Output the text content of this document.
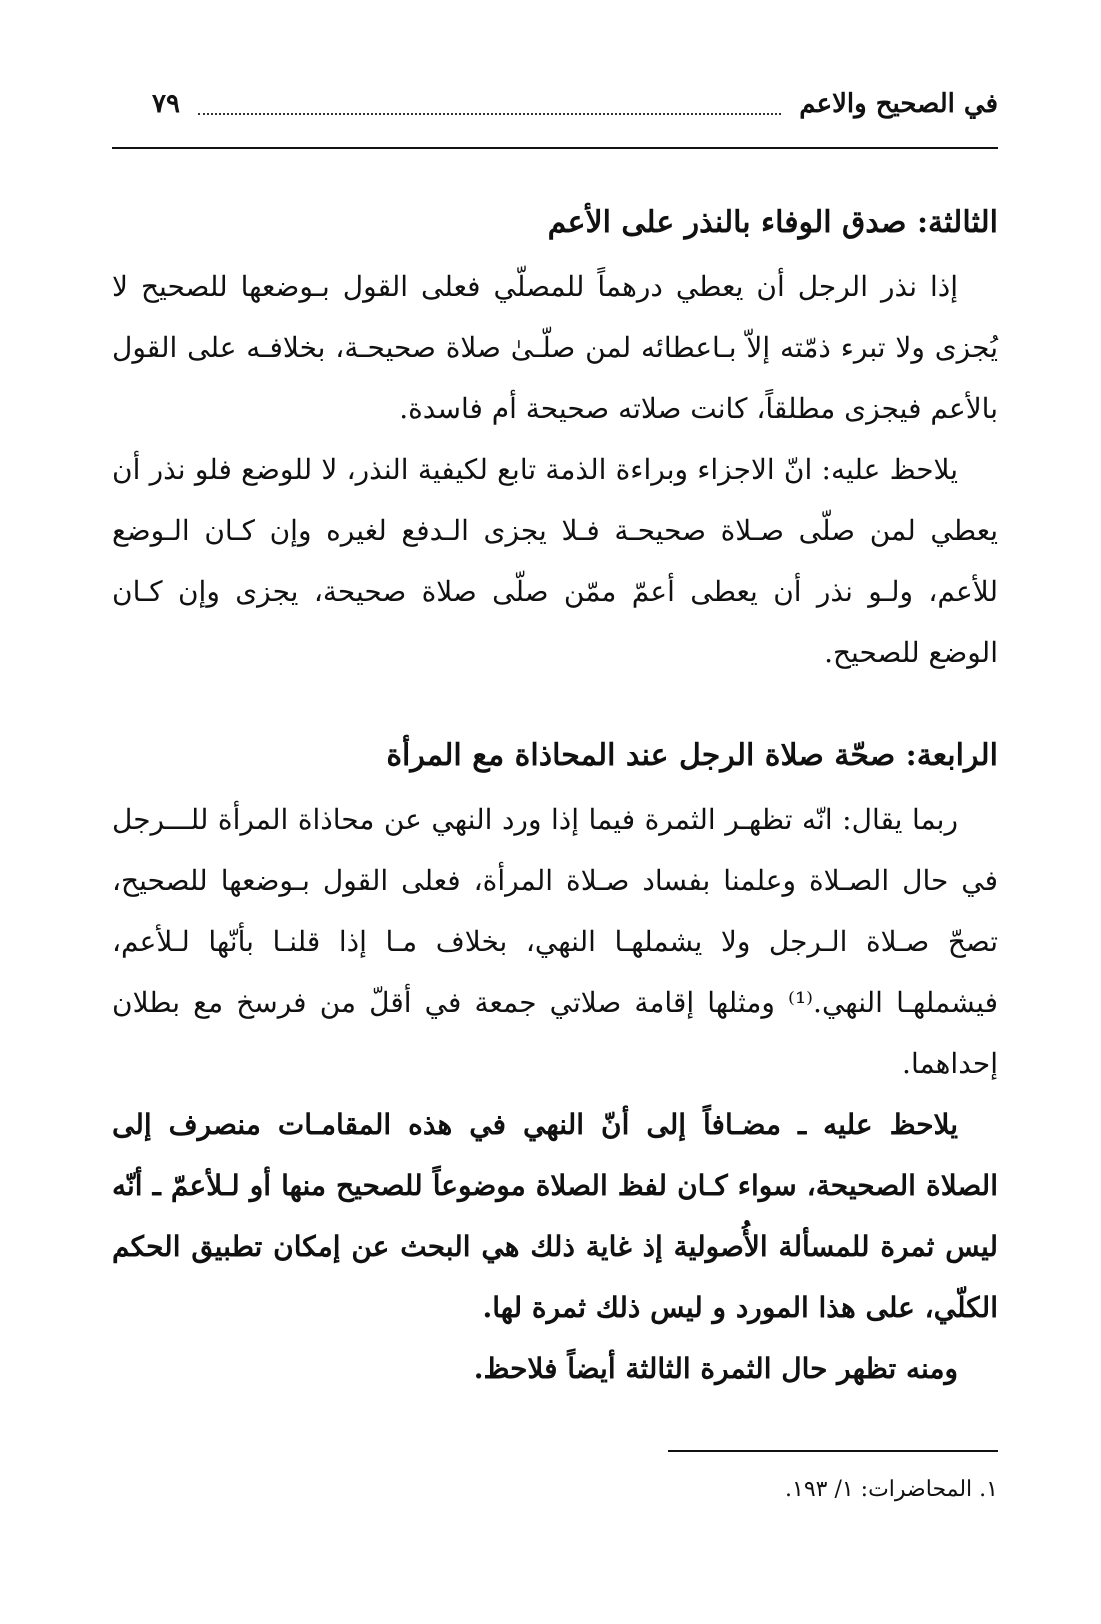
في الصحيح والاعم
٧٩
الثالثة: صدق الوفاء بالنذر على الأعم

إذا نذر الرجل أن يعطي درهماً للمصلّي فعلى القول بـوضعها للصحيح لا يُجزى ولا تبرء ذمّته إلاّ بـاعطائه لمن صلّـىٰ صلاة صحيحـة، بخلافـه على القول بالأعم فيجزى مطلقاً، كانت صلاته صحيحة أم فاسدة.

يلاحظ عليه: انّ الاجزاء وبراءة الذمة تابع لكيفية النذر، لا للوضع فلو نذر أن يعطي لمن صلّى صـلاة صحيحـة فـلا يجزى الـدفع لغيره وإن كـان الـوضع للأعم، ولـو نذر أن يعطى أعمّ ممّن صلّى صلاة صحيحة، يجزى وإن كـان الوضع للصحيح.

الرابعة: صحّة صلاة الرجل عند المحاذاة مع المرأة

ربما يقال: انّه تظهـر الثمرة فيما إذا ورد النهي عن محاذاة المرأة للـــرجل في حال الصـلاة وعلمنا بفساد صـلاة المرأة، فعلى القول بـوضعها للصحيح، تصحّ صـلاة الـرجل ولا يشملهـا النهي، بخلاف مـا إذا قلنـا بأنّها لـلأعم، فيشملهـا النهي.⁽¹⁾ ومثلها إقامة صلاتي جمعة في أقلّ من فرسخ مع بطلان إحداهما.

يلاحظ عليه ـ مضـافاً إلى أنّ النهي في هذه المقامـات منصرف إلى الصلاة الصحيحة، سواء كـان لفظ الصلاة موضوعاً للصحيح منها أو لـلأعمّ ـ أنّه ليس ثمرة للمسألة الأُصولية إذ غاية ذلك هي البحث عن إمكان تطبيق الحكم الكلّي، على هذا المورد و ليس ذلك ثمرة لها.

ومنه تظهر حال الثمرة الثالثة أيضاً فلاحظ.

١. المحاضرات: ١/ ١٩٣.
